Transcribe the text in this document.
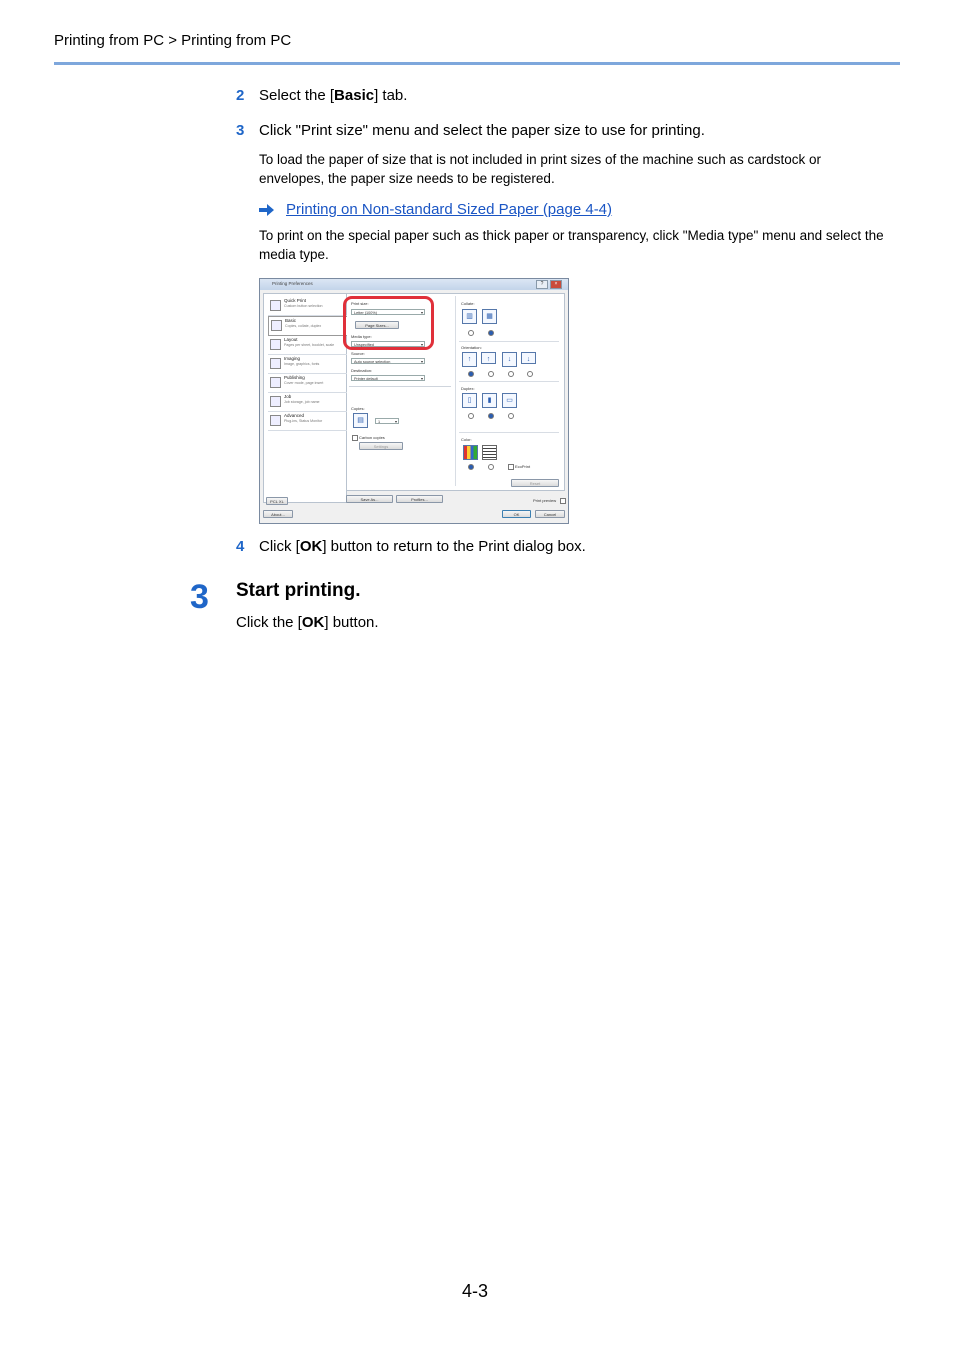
Printing from PC > Printing from PC
2 Select the [Basic] tab.
3 Click "Print size" menu and select the paper size to use for printing.
To load the paper of size that is not included in print sizes of the machine such as cardstock or envelopes, the paper size needs to be registered.
Printing on Non-standard Sized Paper (page 4-4)
To print on the special paper such as thick paper or transparency, click "Media type" menu and select the media type.
Printing Preferences	?	×
Quick Print
Custom button selection
Basic
Copies, collate, duplex
Layout
Pages per sheet, booklet, scale
Imaging
Image, graphics, fonts
Publishing
Cover mode, page insert
Job
Job storage, job name
Advanced
Plug-ins, Status Monitor
PCL XL
About...
Print size:
Letter (100%) ▾
Page Sizes...
Media type:
Unspecified ▾
Source:
Auto source selection ▾
Destination:
Printer default ▾
Copies:
▤	1 ▾
Carbon copies
Settings
Collate:
▥	▦
Orientation:
↑	↑	↓	↓
Duplex:
▯	▮	▭
Color:
EcoPrint
Reset
Save As...	Profiles...	Print preview
OK	Cancel
4 Click [OK] button to return to the Print dialog box.
3 Start printing.
Click the [OK] button.
4-3
